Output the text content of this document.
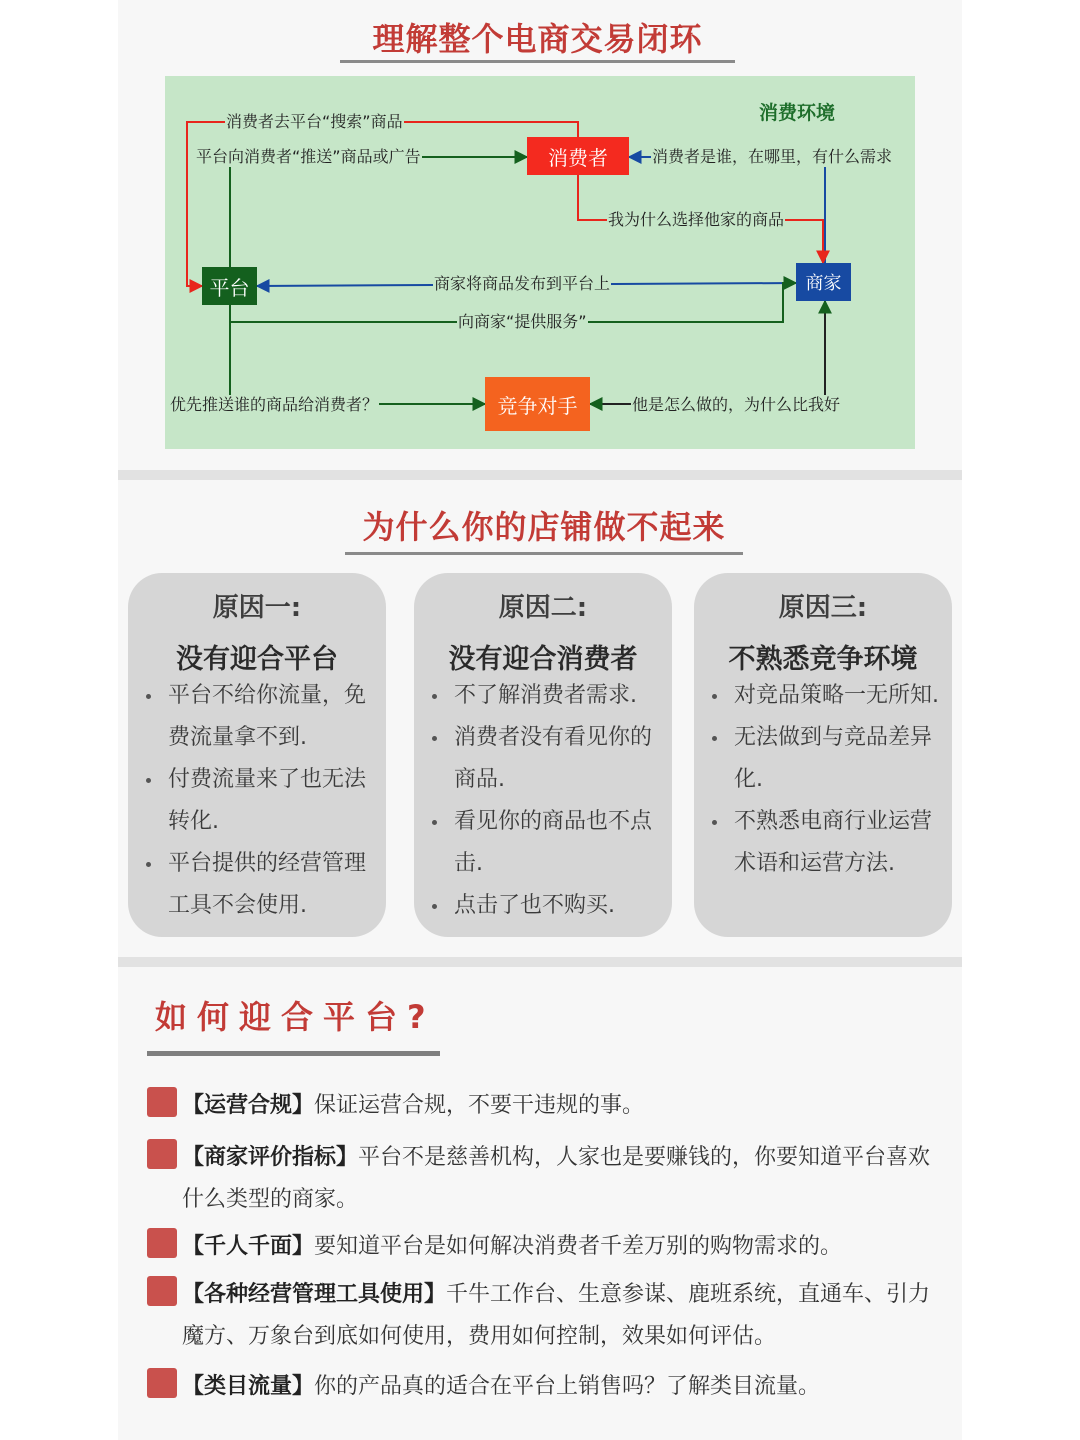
理解整个电商交易闭环
消费环境
消费者
平台	商家
竞争对手
消费者去平台“搜索”商品
平台向消费者“推送”商品或广告	消费者是谁，在哪里，有什么需求
我为什么选择他家的商品
商家将商品发布到平台上
向商家“提供服务”
优先推送谁的商品给消费者？	他是怎么做的，为什么比我好
为什么你的店铺做不起来
原因一:
没有迎合平台
平台不给你流量，免费流量拿不到.
付费流量来了也无法转化.
平台提供的经营管理工具不会使用.
原因二:
没有迎合消费者
不了解消费者需求.
消费者没有看见你的商品.
看见你的商品也不点击.
点击了也不购买.
原因三:
不熟悉竞争环境
对竞品策略一无所知.
无法做到与竞品差异化.
不熟悉电商行业运营术语和运营方法.
如何迎合平台?
【运营合规】保证运营合规，不要干违规的事。
【商家评价指标】平台不是慈善机构，人家也是要赚钱的，你要知道平台喜欢什么类型的商家。
【千人千面】要知道平台是如何解决消费者千差万别的购物需求的。
【各种经营管理工具使用】千牛工作台、生意参谋、鹿班系统，直通车、引力魔方、万象台到底如何使用，费用如何控制，效果如何评估。
【类目流量】你的产品真的适合在平台上销售吗？了解类目流量。
